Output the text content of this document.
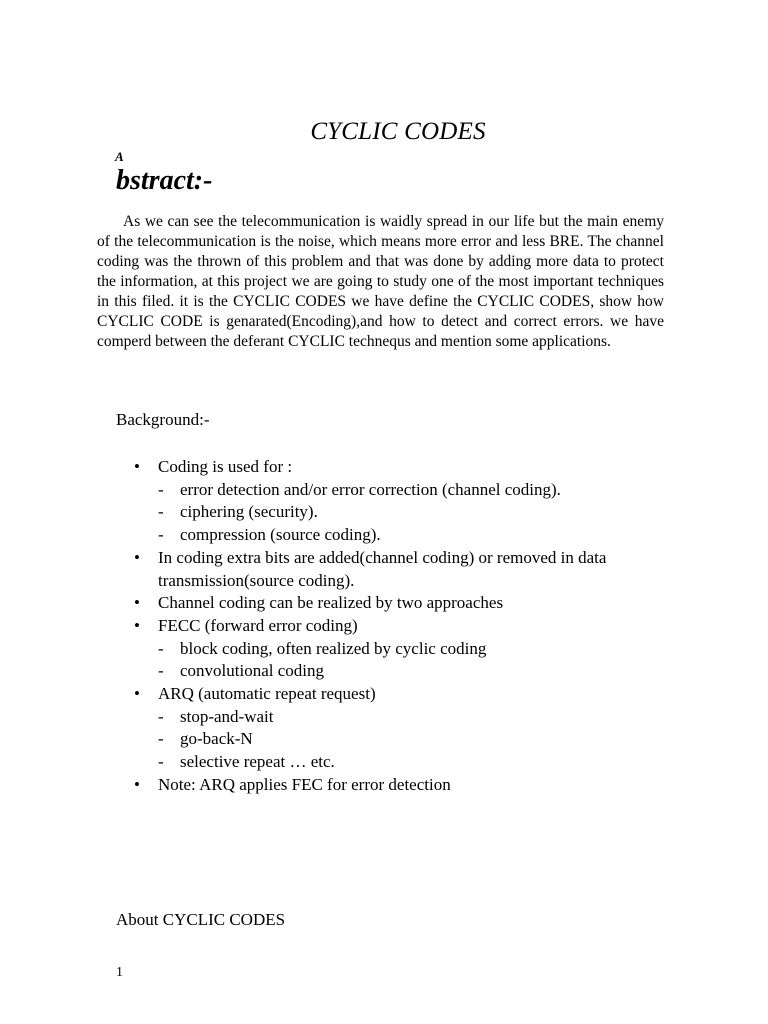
CYCLIC CODES
A
bstract:-

As we can see the telecommunication is waidly spread in our life but the main enemy of the telecommunication is the noise, which means more error and less BRE. The channel coding was the thrown of this problem and that was done by adding more data to protect the information, at this project we are going to study one of the most important techniques in this filed. it is the CYCLIC CODES we have define the CYCLIC CODES, show how CYCLIC CODE is genarated(Encoding),and how to detect and correct errors. we have comperd between the deferant CYCLIC technequs and mention some applications.

Background:-
• Coding is used for :
- error detection and/or error correction (channel coding).
- ciphering (security).
- compression (source coding).
• In coding extra bits are added(channel coding) or removed in data transmission(source coding).
• Channel coding can be realized by two approaches
• FECC (forward error coding)
- block coding, often realized by cyclic coding
- convolutional coding
• ARQ (automatic repeat request)
- stop-and-wait
- go-back-N
- selective repeat … etc.
• Note: ARQ applies FEC for error detection
About CYCLIC CODES
1
